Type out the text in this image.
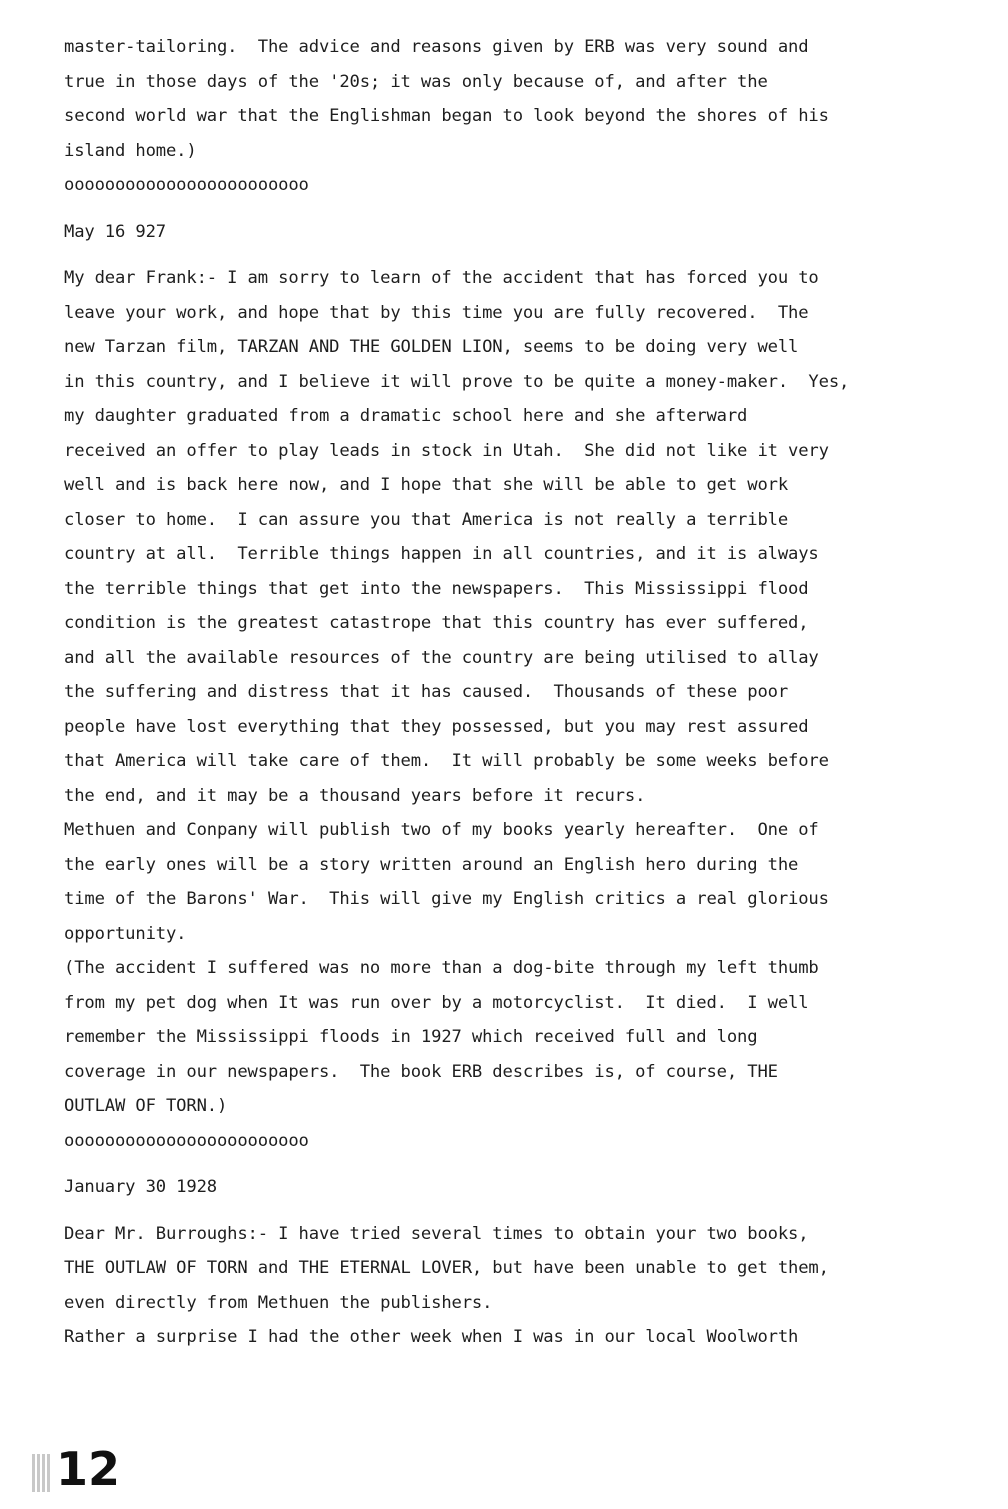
master-tailoring.  The advice and reasons given by ERB was very sound and
true in those days of the '20s; it was only because of, and after the
second world war that the Englishman began to look beyond the shores of his
island home.)
oooooooooooooooooooooooo
May 16 927
My dear Frank:- I am sorry to learn of the accident that has forced you to
leave your work, and hope that by this time you are fully recovered.  The
new Tarzan film, TARZAN AND THE GOLDEN LION, seems to be doing very well
in this country, and I believe it will prove to be quite a money-maker.  Yes,
my daughter graduated from a dramatic school here and she afterward
received an offer to play leads in stock in Utah.  She did not like it very
well and is back here now, and I hope that she will be able to get work
closer to home.  I can assure you that America is not really a terrible
country at all.  Terrible things happen in all countries, and it is always
the terrible things that get into the newspapers.  This Mississippi flood
condition is the greatest catastrope that this country has ever suffered,
and all the available resources of the country are being utilised to allay
the suffering and distress that it has caused.  Thousands of these poor
people have lost everything that they possessed, but you may rest assured
that America will take care of them.  It will probably be some weeks before
the end, and it may be a thousand years before it recurs.
Methuen and Conpany will publish two of my books yearly hereafter.  One of
the early ones will be a story written around an English hero during the
time of the Barons' War.  This will give my English critics a real glorious
opportunity.
(The accident I suffered was no more than a dog-bite through my left thumb
from my pet dog when It was run over by a motorcyclist.  It died.  I well
remember the Mississippi floods in 1927 which received full and long
coverage in our newspapers.  The book ERB describes is, of course, THE
OUTLAW OF TORN.)
oooooooooooooooooooooooo
January 30 1928
Dear Mr. Burroughs:- I have tried several times to obtain your two books,
THE OUTLAW OF TORN and THE ETERNAL LOVER, but have been unable to get them,
even directly from Methuen the publishers.
Rather a surprise I had the other week when I was in our local Woolworth
12
